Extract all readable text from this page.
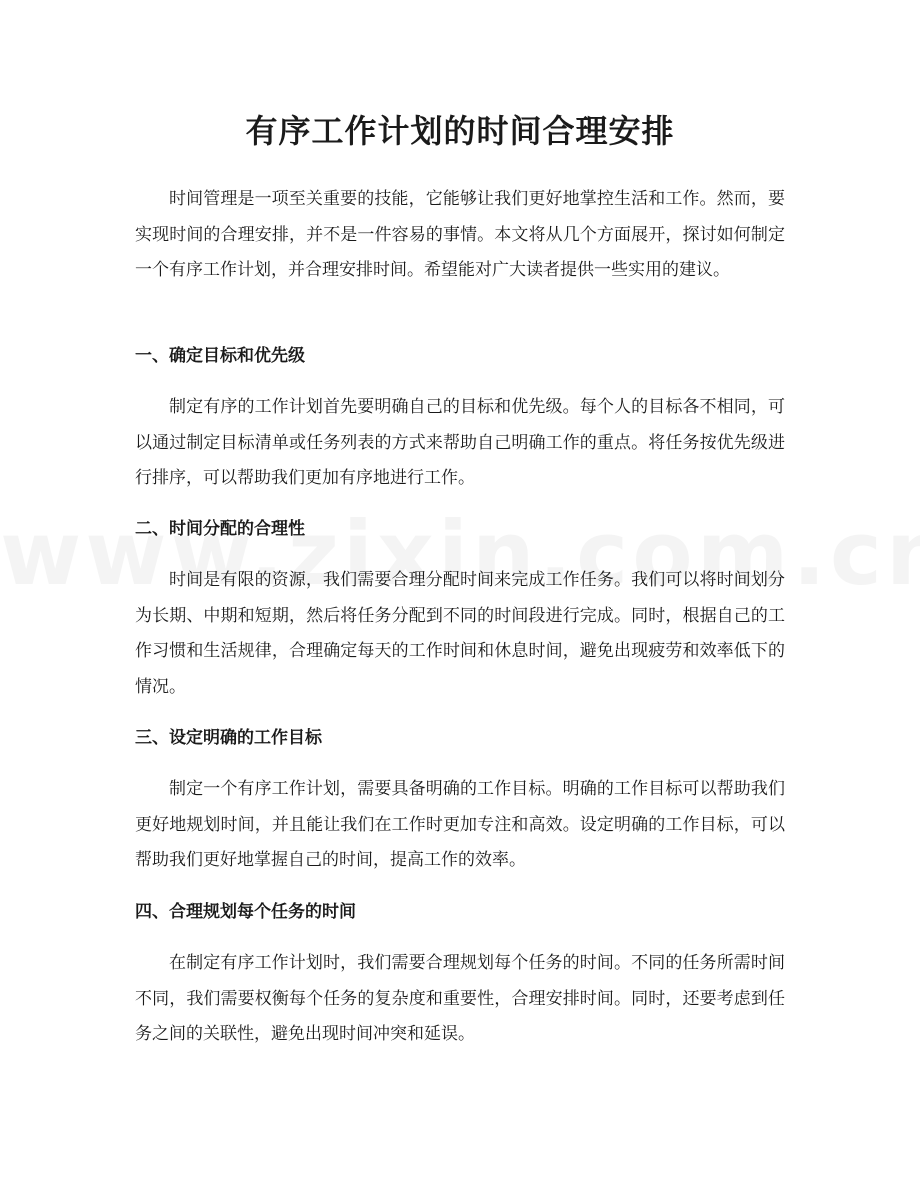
有序工作计划的时间合理安排

时间管理是一项至关重要的技能，它能够让我们更好地掌控生活和工作。然而，要实现时间的合理安排，并不是一件容易的事情。本文将从几个方面展开，探讨如何制定一个有序工作计划，并合理安排时间。希望能对广大读者提供一些实用的建议。

一、确定目标和优先级

制定有序的工作计划首先要明确自己的目标和优先级。每个人的目标各不相同，可以通过制定目标清单或任务列表的方式来帮助自己明确工作的重点。将任务按优先级进行排序，可以帮助我们更加有序地进行工作。

二、时间分配的合理性

时间是有限的资源，我们需要合理分配时间来完成工作任务。我们可以将时间划分为长期、中期和短期，然后将任务分配到不同的时间段进行完成。同时，根据自己的工作习惯和生活规律，合理确定每天的工作时间和休息时间，避免出现疲劳和效率低下的情况。

三、设定明确的工作目标

制定一个有序工作计划，需要具备明确的工作目标。明确的工作目标可以帮助我们更好地规划时间，并且能让我们在工作时更加专注和高效。设定明确的工作目标，可以帮助我们更好地掌握自己的时间，提高工作的效率。

四、合理规划每个任务的时间

在制定有序工作计划时，我们需要合理规划每个任务的时间。不同的任务所需时间不同，我们需要权衡每个任务的复杂度和重要性，合理安排时间。同时，还要考虑到任务之间的关联性，避免出现时间冲突和延误。
